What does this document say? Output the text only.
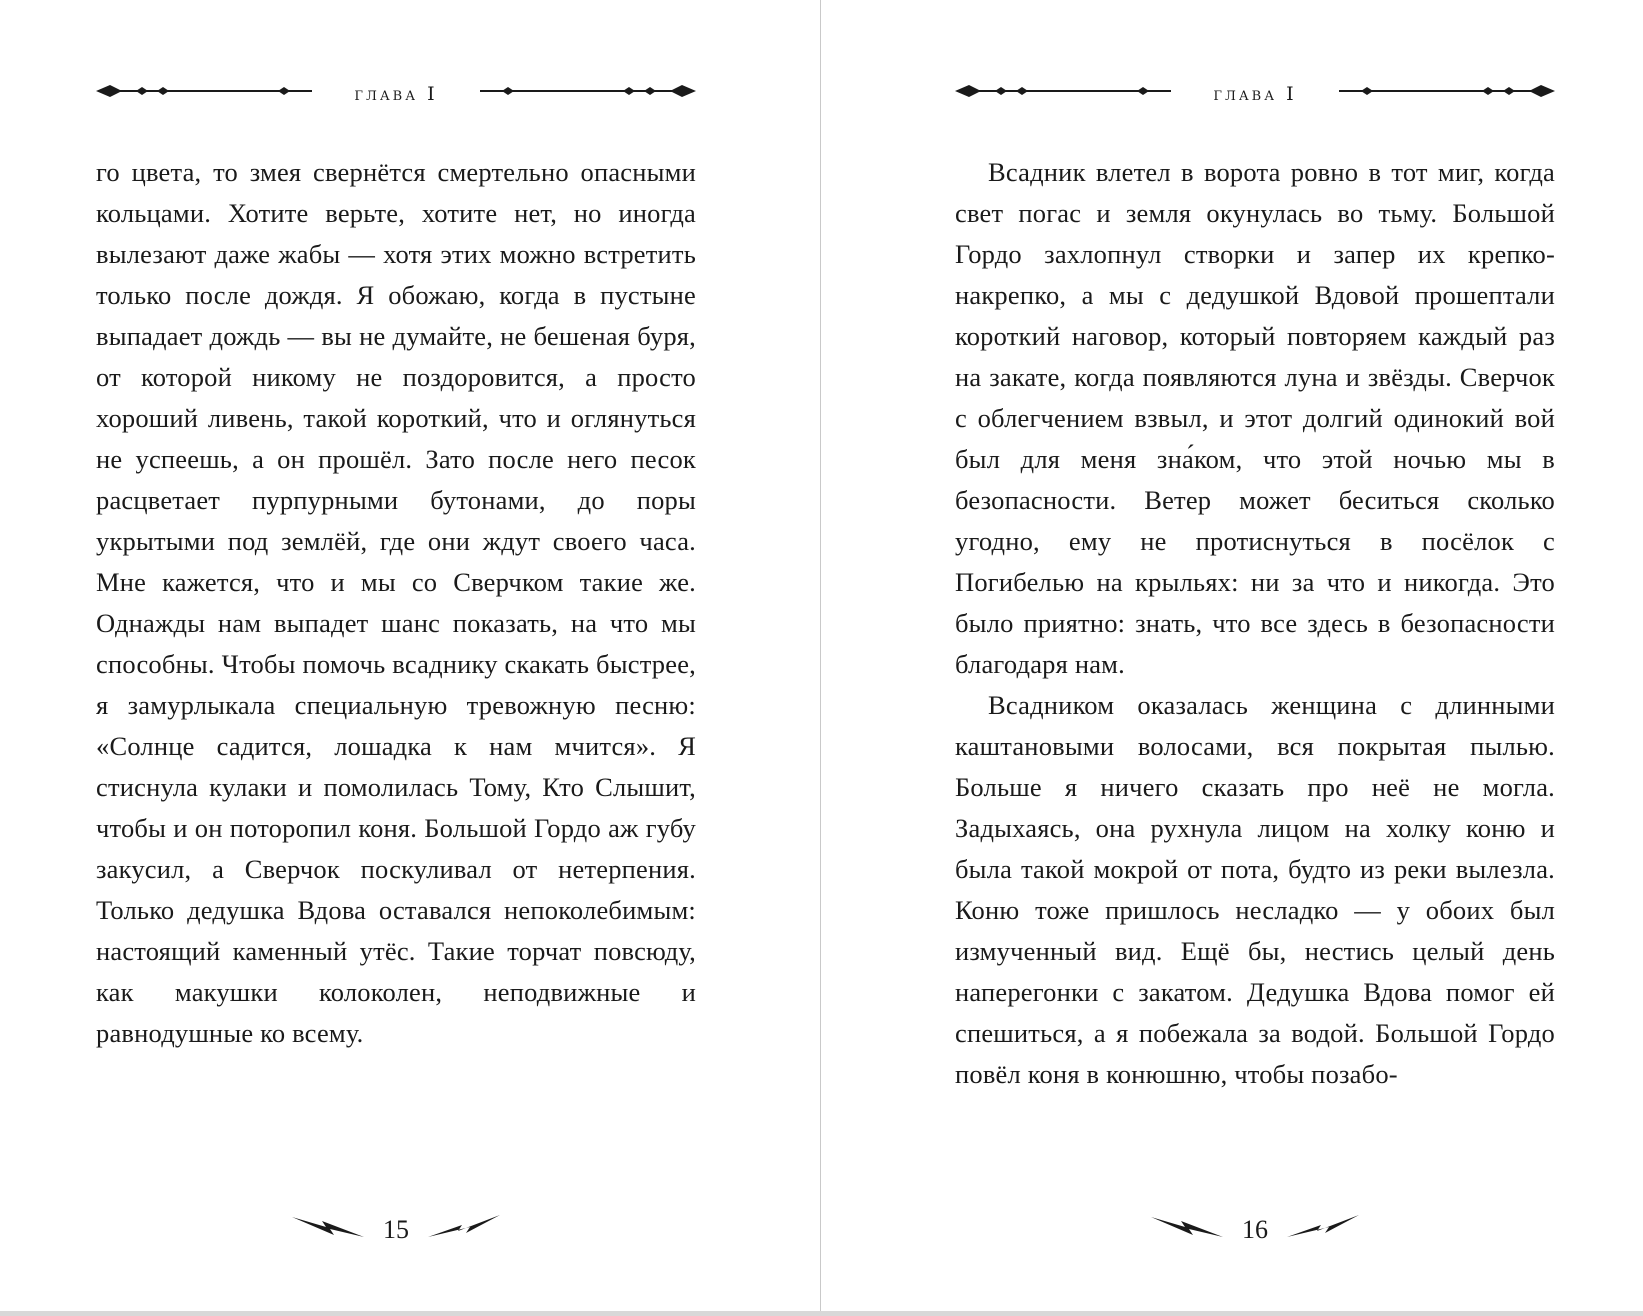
глава I

го цвета, то змея свернётся смертельно опасными кольцами. Хотите верьте, хотите нет, но иногда вылезают даже жабы — хотя этих можно встретить только после дождя. Я обожаю, когда в пустыне выпадает дождь — вы не думайте, не бешеная буря, от которой никому не поздоровится, а просто хороший ливень, такой короткий, что и оглянуться не успеешь, а он прошёл. Зато после него песок расцветает пурпурными бутонами, до поры укрытыми под землёй, где они ждут своего часа. Мне кажется, что и мы со Сверчком такие же. Однажды нам выпадет шанс показать, на что мы способны. Чтобы помочь всаднику скакать быстрее, я замурлыкала специальную тревожную песню: «Солнце садится, лошадка к нам мчится». Я стиснула кулаки и помолилась Тому, Кто Слышит, чтобы и он поторопил коня. Большой Гордо аж губу закусил, а Сверчок поскуливал от нетерпения. Только дедушка Вдова оставался непоколебимым: настоящий каменный утёс. Такие торчат повсюду, как макушки колоколен, неподвижные и равнодушные ко всему.

15
глава I

Всадник влетел в ворота ровно в тот миг, когда свет погас и земля окунулась во тьму. Большой Гордо захлопнул створки и запер их крепко-накрепко, а мы с дедушкой Вдовой прошептали короткий наговор, который повторяем каждый раз на закате, когда появляются луна и звёзды. Сверчок с облегчением взвыл, и этот долгий одинокий вой был для меня зна́ком, что этой ночью мы в безопасности. Ветер может беситься сколько угодно, ему не протиснуться в посёлок с Погибелью на крыльях: ни за что и никогда. Это было приятно: знать, что все здесь в безопасности благодаря нам.

Всадником оказалась женщина с длинными каштановыми волосами, вся покрытая пылью. Больше я ничего сказать про неё не могла. Задыхаясь, она рухнула лицом на холку коню и была такой мокрой от пота, будто из реки вылезла. Коню тоже пришлось несладко — у обоих был измученный вид. Ещё бы, нестись целый день наперегонки с закатом. Дедушка Вдова помог ей спешиться, а я побежала за водой. Большой Гордо повёл коня в конюшню, чтобы позабо-

16
